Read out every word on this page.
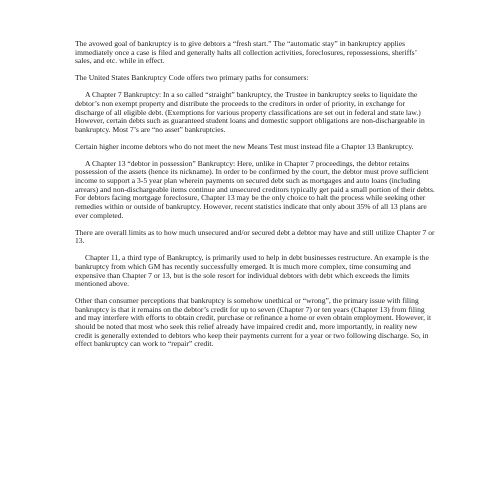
The avowed goal of bankruptcy is to give debtors a “fresh start.” The “automatic stay” in bankruptcy applies immediately once a case is filed and generally halts all collection activities, foreclosures, repossessions, sheriffs’ sales, and etc. while in effect.

The United States Bankruptcy Code offers two primary paths for consumers:

A Chapter 7 Bankruptcy: In a so called “straight” bankruptcy, the Trustee in bankruptcy seeks to liquidate the debtor’s non exempt property and distribute the proceeds to the creditors in order of priority, in exchange for discharge of all eligible debt. (Exemptions for various property classifications are set out in federal and state law.) However, certain debts such as guaranteed student loans and domestic support obligations are non-dischargeable in bankruptcy. Most 7’s are “no asset” bankruptcies.

Certain higher income debtors who do not meet the new Means Test must instead file a Chapter 13 Bankruptcy.

A Chapter 13 “debtor in possession” Bankruptcy: Here, unlike in Chapter 7 proceedings, the debtor retains possession of the assets (hence its nickname). In order to be confirmed by the court, the debtor must prove sufficient income to support a 3-5 year plan wherein payments on secured debt such as mortgages and auto loans (including arrears) and non-dischargeable items continue and unsecured creditors typically get paid a small portion of their debts. For debtors facing mortgage foreclosure, Chapter 13 may be the only choice to halt the process while seeking other remedies within or outside of bankruptcy. However, recent statistics indicate that only about 35% of all 13 plans are ever completed.

There are overall limits as to how much unsecured and/or secured debt a debtor may have and still utilize Chapter 7 or 13.

Chapter 11, a third type of Bankruptcy, is primarily used to help in debt businesses restructure. An example is the bankruptcy from which GM has recently successfully emerged. It is much more complex, time consuming and expensive than Chapter 7 or 13, but is the sole resort for individual debtors with debt which exceeds the limits mentioned above.

Other than consumer perceptions that bankruptcy is somehow unethical or “wrong”, the primary issue with filing bankruptcy is that it remains on the debtor’s credit for up to seven (Chapter 7) or ten years (Chapter 13) from filing and may interfere with efforts to obtain credit, purchase or refinance a home or even obtain employment. However, it should be noted that most who seek this relief already have impaired credit and, more importantly, in reality new credit is generally extended to debtors who keep their payments current for a year or two following discharge. So, in effect bankruptcy can work to “repair” credit.
